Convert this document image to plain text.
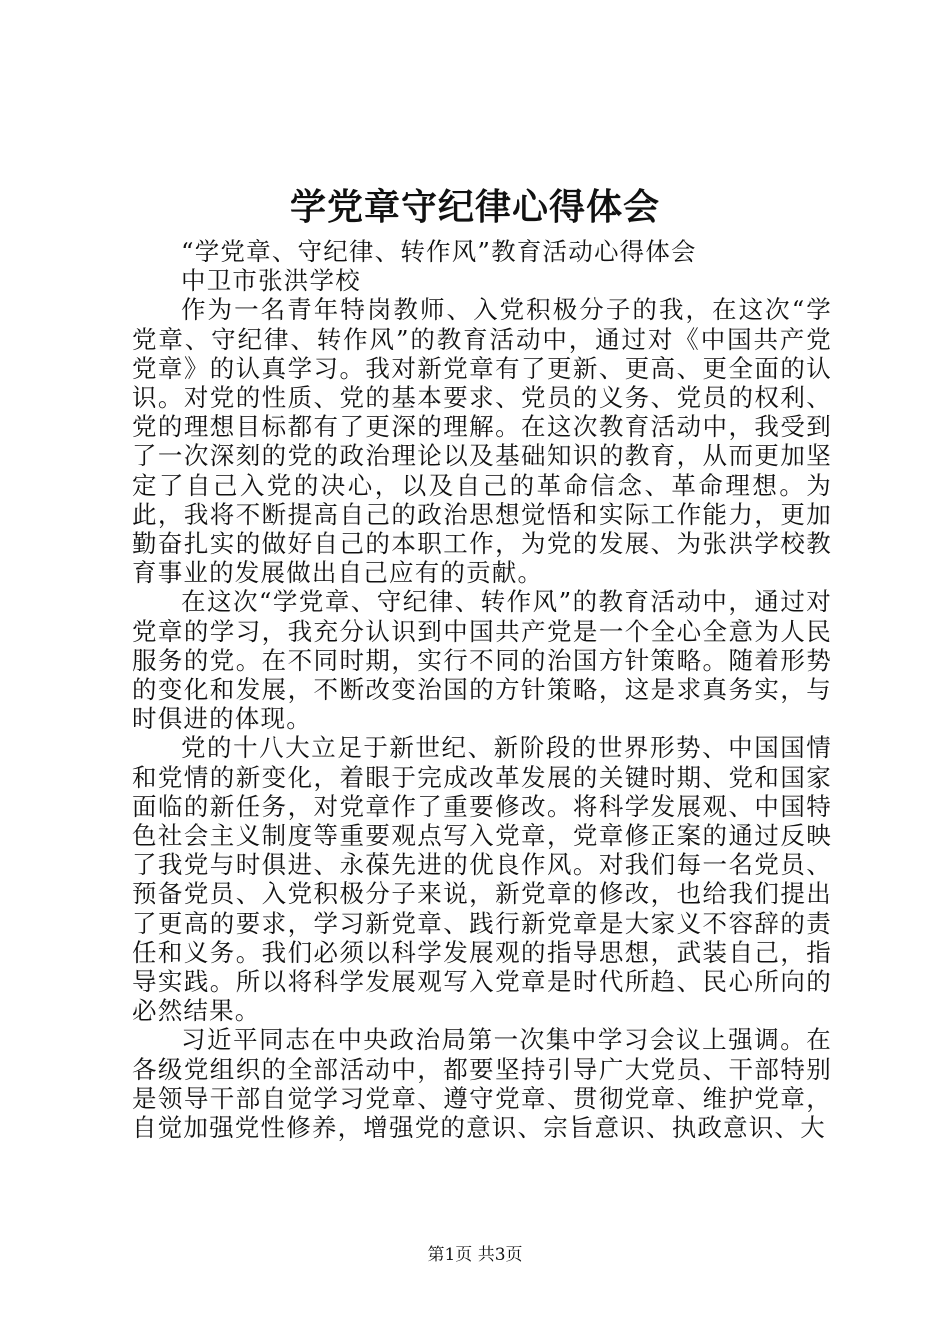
学党章守纪律心得体会

“学党章、守纪律、转作风”教育活动心得体会

中卫市张洪学校

作为一名青年特岗教师、入党积极分子的我，在这次“学党章、守纪律、转作风”的教育活动中，通过对《中国共产党党章》的认真学习。我对新党章有了更新、更高、更全面的认识。对党的性质、党的基本要求、党员的义务、党员的权利、党的理想目标都有了更深的理解。在这次教育活动中，我受到了一次深刻的党的政治理论以及基础知识的教育，从而更加坚定了自己入党的决心，以及自己的革命信念、革命理想。为此，我将不断提高自己的政治思想觉悟和实际工作能力，更加勤奋扎实的做好自己的本职工作，为党的发展、为张洪学校教育事业的发展做出自己应有的贡献。

在这次“学党章、守纪律、转作风”的教育活动中，通过对党章的学习，我充分认识到中国共产党是一个全心全意为人民服务的党。在不同时期，实行不同的治国方针策略。随着形势的变化和发展，不断改变治国的方针策略，这是求真务实，与时俱进的体现。

党的十八大立足于新世纪、新阶段的世界形势、中国国情和党情的新变化，着眼于完成改革发展的关键时期、党和国家面临的新任务，对党章作了重要修改。将科学发展观、中国特色社会主义制度等重要观点写入党章，党章修正案的通过反映了我党与时俱进、永葆先进的优良作风。对我们每一名党员、预备党员、入党积极分子来说，新党章的修改，也给我们提出了更高的要求，学习新党章、践行新党章是大家义不容辞的责任和义务。我们必须以科学发展观的指导思想，武装自己，指导实践。所以将科学发展观写入党章是时代所趋、民心所向的必然结果。

习近平同志在中央政治局第一次集中学习会议上强调。在各级党组织的全部活动中，都要坚持引导广大党员、干部特别是领导干部自觉学习党章、遵守党章、贯彻党章、维护党章，自觉加强党性修养，增强党的意识、宗旨意识、执政意识、大

第1页 共3页
